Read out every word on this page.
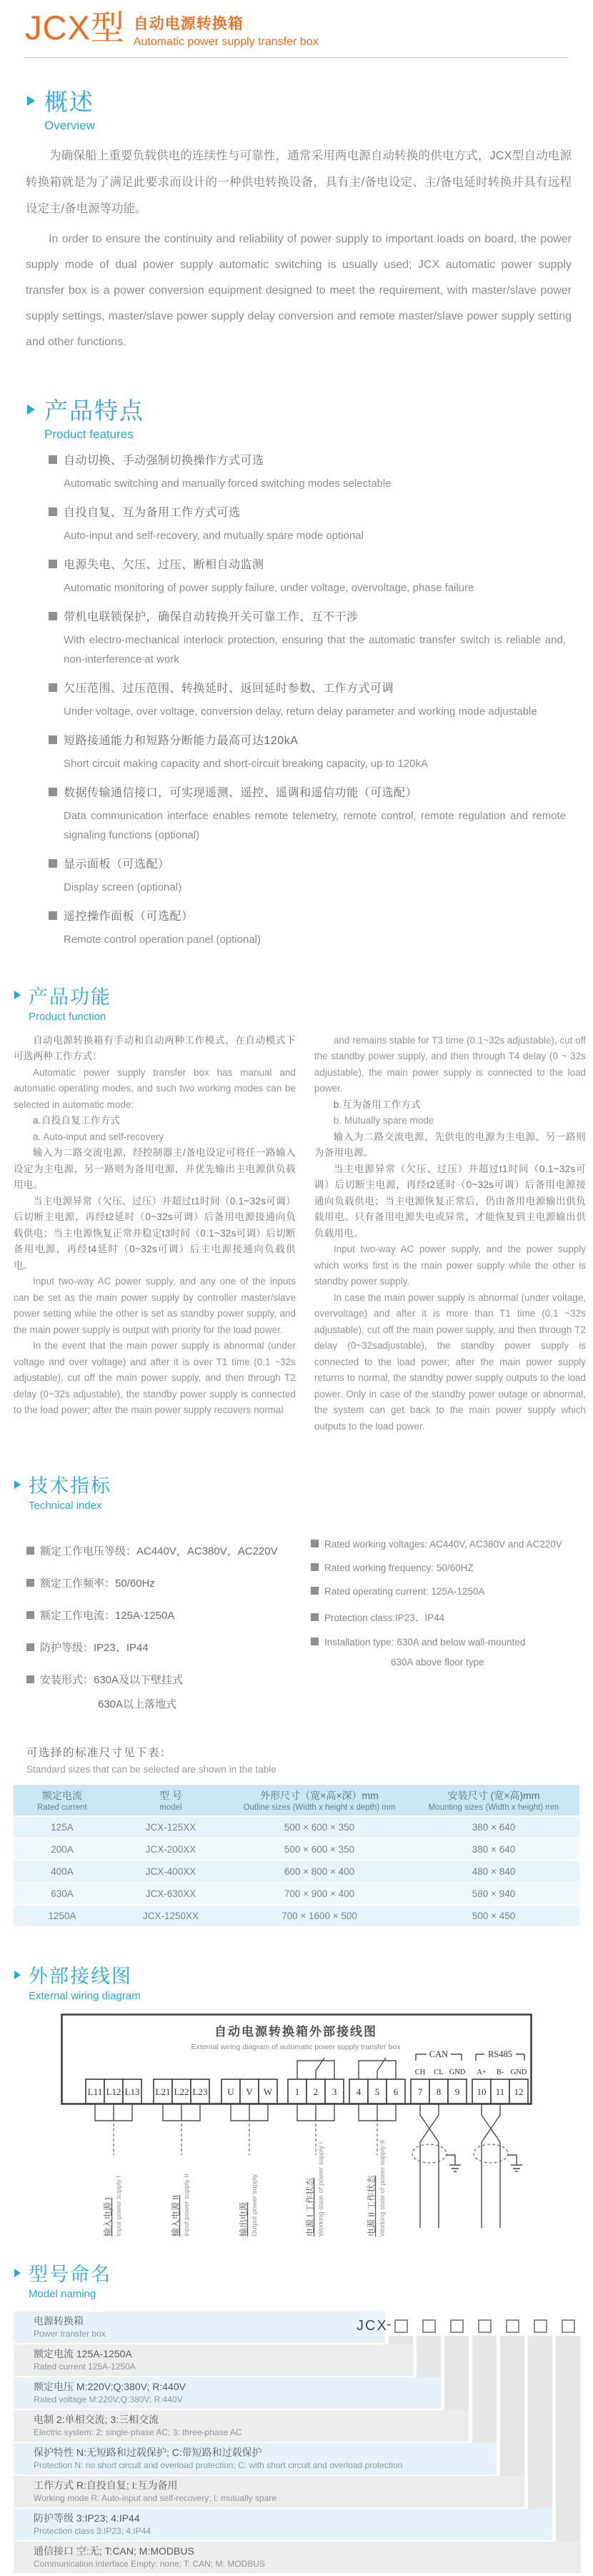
JCX型 自动电源转换箱
Automatic power supply transfer box
概述
Overview

为确保船上重要负载供电的连续性与可靠性，通常采用两电源自动转换的供电方式，JCX型自动电源转换箱就是为了满足此要求而设计的一种供电转换设备，具有主/备电设定、主/备电延时转换并具有远程设定主/备电源等功能。

In order to ensure the continuity and reliability of power supply to important loads on board, the power supply mode of dual power supply automatic switching is usually used; JCX automatic power supply transfer box is a power conversion equipment designed to meet the requirement, with master/slave power supply settings, master/slave power supply delay conversion and remote master/slave power supply setting and other functions.

产品特点
Product features
自动切换、手动强制切换操作方式可选
Automatic switching and manually forced switching modes selectable
自投自复、互为备用工作方式可选
Auto-input and self-recovery, and mutually spare mode optional
电源失电、欠压、过压、断相自动监测
Automatic monitoring of power supply failure, under voltage, overvoltage, phase failure
带机电联锁保护，确保自动转换开关可靠工作、互不干涉
With electro-mechanical interlock protection, ensuring that the automatic transfer switch is reliable and, non-interference at work
欠压范围、过压范围、转换延时、返回延时参数、工作方式可调
Under voltage, over voltage, conversion delay, return delay parameter and working mode adjustable
短路接通能力和短路分断能力最高可达120kA
Short circuit making capacity and short-circuit breaking capacity, up to 120kA
数据传输通信接口，可实现遥测、遥控、遥调和遥信功能（可选配）
Data communication interface enables remote telemetry, remote control, remote regulation and remote signaling functions (optional)
显示面板（可选配）
Display screen (optional)
遥控操作面板（可选配）
Remote control operation panel (optional)
产品功能
Product function

自动电源转换箱有手动和自动两种工作模式，在自动模式下可选两种工作方式：

Automatic power supply transfer box has manual and automatic operating modes, and such two working modes can be selected in automatic mode:

a.自投自复工作方式

a. Auto-input and self-recovery

输入为二路交流电源，经控制器主/备电设定可将任一路输入设定为主电源，另一路则为备用电源，并优先输出主电源供负载用电。

当主电源异常（欠压、过压）并超过t1时间（0.1~32s可调）后切断主电源，再经t2延时（0~32s可调）后备用电源接通向负载供电；当主电源恢复正常并稳定t3时间（0.1~32s可调）后切断备用电源，再经t4延时（0~32s可调）后主电源接通向负载供电。

Input two-way AC power supply, and any one of the inputs can be set as the main power supply by controller master/slave power setting while the other is set as standby power supply, and the main power supply is output with priority for the load power.

In the event that the main power supply is abnormal (under voltage and over voltage) and after it is over T1 time (0.1 ~32s adjustable), cut off the main power supply, and then through T2 delay (0~32s adjustable), the standby power supply is connected to the load power; after the main power supply recovers normal

and remains stable for T3 time (0.1~32s adjustable), cut off the standby power supply, and then through T4 delay (0 ~ 32s adjustable), the main power supply is connected to the load power.

b.互为备用工作方式

b. Mutually spare mode

输入为二路交流电源，先供电的电源为主电源，另一路则为备用电源。

当主电源异常（欠压、过压）并超过t1时间（0.1~32s可调）后切断主电源，再经t2延时（0~32s可调）后备用电源接通向负载供电；当主电源恢复正常后，仍由备用电源输出供负载用电。只有备用电源失电或异常，才能恢复到主电源输出供负载用电。

Input two-way AC power supply, and the power supply which works first is the main power supply while the other is standby power supply.

In case the main power supply is abnormal (under voltage, overvoltage) and after it is more than T1 time (0.1 ~32s adjustable), cut off the main power supply, and then through T2 delay (0~32sadjustable), the standby power supply is connected to the load power; after the main power supply returns to normal, the standby power supply outputs to the load power. Only in case of the standby power outage or abnormal, the system can get back to the main power supply which outputs to the load power.

技术指标
Technical index
额定工作电压等级：AC440V，AC380V，AC220V
额定工作频率：50/60Hz
额定工作电流：125A-1250A
防护等级：IP23、IP44
安装形式：630A及以下壁挂式
630A以上落地式
Rated working voltages: AC440V, AC380V and AC220V
Rated working frequency: 50/60HZ
Rated operating current: 125A-1250A
Protection class:IP23、IP44
Installation type: 630A and below wall-mounted
630A above floor type
可选择的标准尺寸见下表：
Standard sizes that can be selected are shown in the table
额定电流
Rated current	型 号
model	外形尺寸（宽×高×深）mm
Outline sizes (Width x height x depth) mm	安装尺寸 (宽×高)mm
Mounting sizes (Width x height) mm

125A	JCX-125XX	500 × 600 × 350	380 × 640
200A	JCX-200XX	500 × 600 × 350	380 × 640
400A	JCX-400XX	600 × 800 × 400	480 × 840
630A	JCX-630XX	700 × 900 × 400	580 × 940
1250A	JCX-1250XX	700 × 1600 × 500	500 × 450
外部接线图
External wiring diagram
自动电源转换箱外部接线图
External wiring diagram of automatic power supply transfer box
CAN	RS485
CH CL GND A+ B- GND
L11 L12 L13 L21 L22 L23 U V W 1 2 3 4 5 6 7 8 9 10 11 12
输入电源 I Input power supply I	输入电源 II Input power supply II	输出电源 Output power supply	电源 I 工作状态 Working state of power supply I	电源 II 工作状态 Working state of power supply II
型号命名
Model naming
JCX
-
电源转换箱
Power transfer box
额定电流 125A-1250A
Rated current 125A-1250A
额定电压 M:220V;Q:380V; R:440V
Rated voltage M:220V;Q:380V; R:440V
电制 2:单相交流; 3:三相交流
Electric system: 2: single-phase AC; 3: three-phase AC
保护特性 N:无短路和过载保护; C:带短路和过载保护
Protection N: no short circuit and overload protection; C: with short circuit and overload protection
工作方式 R:自投自复; I:互为备用
Working mode R: Auto-input and self-recovery; I: mutually spare
防护等级 3:IP23; 4:IP44
Protection class 3:IP23; 4:IP44
通信接口 空:无; T:CAN; M:MODBUS
Communication interface Empty: none; T: CAN; M: MODBUS
